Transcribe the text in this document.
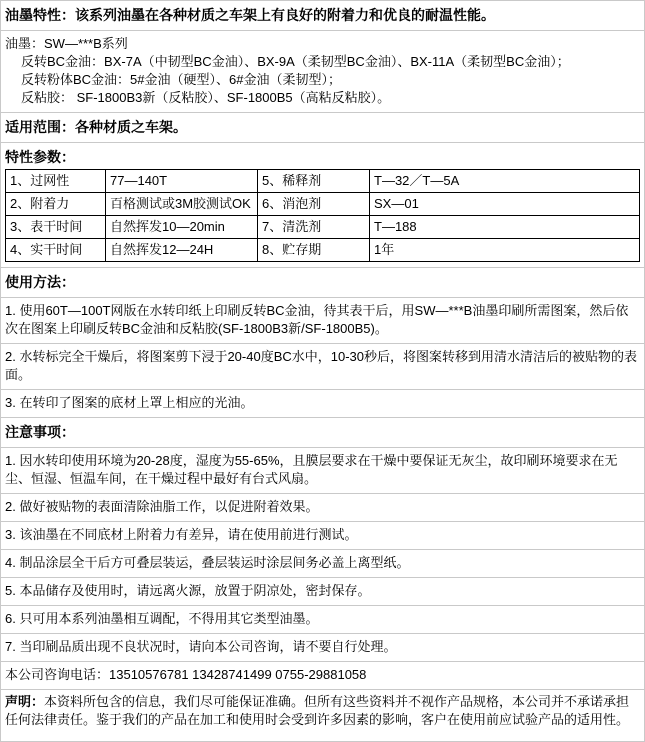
油墨特性：该系列油墨在各种材质之车架上有良好的附着力和优良的耐温性能。
油墨：SW—***B系列
反转BC金油：BX-7A（中韧型BC金油）、BX-9A（柔韧型BC金油）、BX-11A（柔韧型BC金油）；
反转粉体BC金油：5#金油（硬型）、6#金油（柔韧型）；
反粘胶： SF-1800B3新（反粘胶）、SF-1800B5（高粘反粘胶）。
适用范围：各种材质之车架。
特性参数：
1、过网性	77—140T	5、稀释剂	T—32／T—5A
2、附着力	百格测试或3M胶测试OK	6、消泡剂	SX—01
3、表干时间	自然挥发10—20min	7、清洗剂	T—188
4、实干时间	自然挥发12—24H	8、贮存期	1年
使用方法：
1. 使用60T—100T网版在水转印纸上印刷反转BC金油，待其表干后，用SW—***B油墨印刷所需图案，然后依次在图案上印刷反转BC金油和反粘胶(SF-1800B3新/SF-1800B5)。
2. 水转标完全干燥后，将图案剪下浸于20-40度BC水中，10-30秒后，将图案转移到用清水清洁后的被贴物的表面。
3. 在转印了图案的底材上罩上相应的光油。
注意事项：
1. 因水转印使用环境为20-28度，湿度为55-65%，且膜层要求在干燥中要保证无灰尘，故印刷环境要求在无尘、恒湿、恒温车间，在干燥过程中最好有台式风扇。
2. 做好被贴物的表面清除油脂工作，以促进附着效果。
3. 该油墨在不同底材上附着力有差异，请在使用前进行测试。
4. 制品涂层全干后方可叠层装运，叠层装运时涂层间务必盖上离型纸。
5. 本品储存及使用时，请远离火源，放置于阴凉处，密封保存。
6. 只可用本系列油墨相互调配，不得用其它类型油墨。
7. 当印刷品质出现不良状况时，请向本公司咨询，请不要自行处理。
本公司咨询电话：13510576781 13428741499 0755-29881058
声明：本资料所包含的信息，我们尽可能保证准确。但所有这些资料并不视作产品规格，本公司并不承诺承担任何法律责任。鉴于我们的产品在加工和使用时会受到许多因素的影响，客户在使用前应试验产品的适用性。
